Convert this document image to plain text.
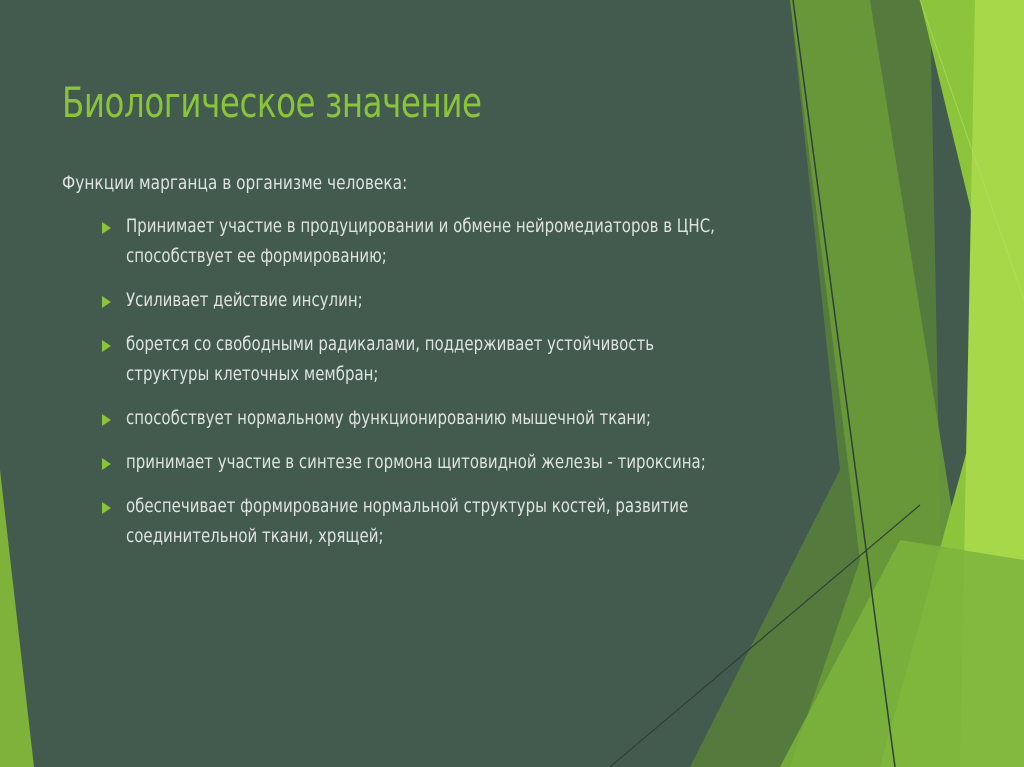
Биологическое значение

Функции марганца в организме человека:

Принимает участие в продуцировании и обмене нейромедиаторов в ЦНС,
способствует ее формированию;
Усиливает действие инсулин;
борется со свободными радикалами, поддерживает устойчивость
структуры клеточных мембран;
способствует нормальному функционированию мышечной ткани;
принимает участие в синтезе гормона щитовидной железы - тироксина;
обеспечивает формирование нормальной структуры костей, развитие
соединительной ткани, хрящей;
